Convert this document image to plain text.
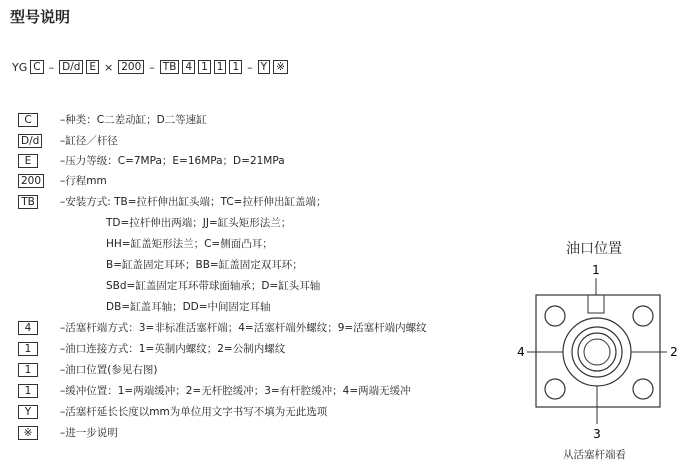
型号说明
YG C – D/d E × 200 – TB 4 1 1 1 – Y ※
C	–种类：C二差动缸；D二等速缸
D/d –缸径／杆径
E	–压力等级：C=7MPa；E=16MPa；D=21MPa
200 –行程mm
TB	–安装方式: TB=拉杆伸出缸头端；TC=拉杆伸出缸盖端；
TD=拉杆伸出两端；JJ=缸头矩形法兰；
HH=缸盖矩形法兰；C=侧面凸耳；
B=缸盖固定耳环；BB=缸盖固定双耳环；
SBd=缸盖固定耳环带球面轴承；D=缸头耳轴
DB=缸盖耳轴；DD=中间固定耳轴
4	–活塞杆端方式：3=非标准活塞杆端；4=活塞杆端外螺纹；9=活塞杆端内螺纹
1	–油口连接方式：1=英制内螺纹；2=公制内螺纹
1	–油口位置(参见右图)
1	–缓冲位置：1=两端缓冲；2=无杆腔缓冲；3=有杆腔缓冲；4=两端无缓冲
Y	–活塞杆延长长度以mm为单位用文字书写不填为无此选项
※	–进一步说明
油口位置
1
4	2
3
从活塞杆端看
